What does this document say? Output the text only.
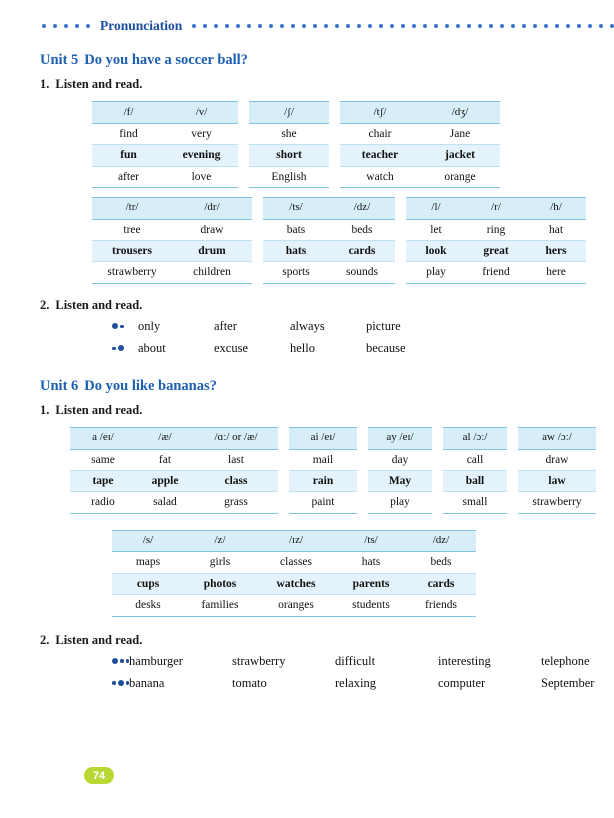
Pronunciation
Unit 5 Do you have a soccer ball?
1. Listen and read.
/f/	/v/
find	very
fun	evening
after	love
/ʃ/
she
short
English
/tʃ/	/dʒ/
chair	Jane
teacher	jacket
watch	orange
/tr/	/dr/
tree	draw
trousers	drum
strawberry	children
/ts/	/dz/
bats	beds
hats	cards
sports	sounds
/l/	/r/	/h/
let	ring	hat
look	great	hers
play	friend	here
2. Listen and read.
only	after	always	picture
about	excuse	hello	because
Unit 6 Do you like bananas?
1. Listen and read.
a /eɪ/	/æ/	/ɑː/ or /æ/
same	fat	last
tape	apple	class
radio	salad	grass
ai /eɪ/
mail
rain
paint
ay /eɪ/
day
May
play
al /ɔː/
call
ball
small
aw /ɔː/
draw
law
strawberry
/s/	/z/	/ɪz/	/ts/	/dz/
maps	girls	classes	hats	beds
cups	photos	watches	parents	cards
desks	families	oranges	students	friends
2. Listen and read.
hamburger	strawberry	difficult	interesting	telephone
banana	tomato	relaxing	computer	September
74
